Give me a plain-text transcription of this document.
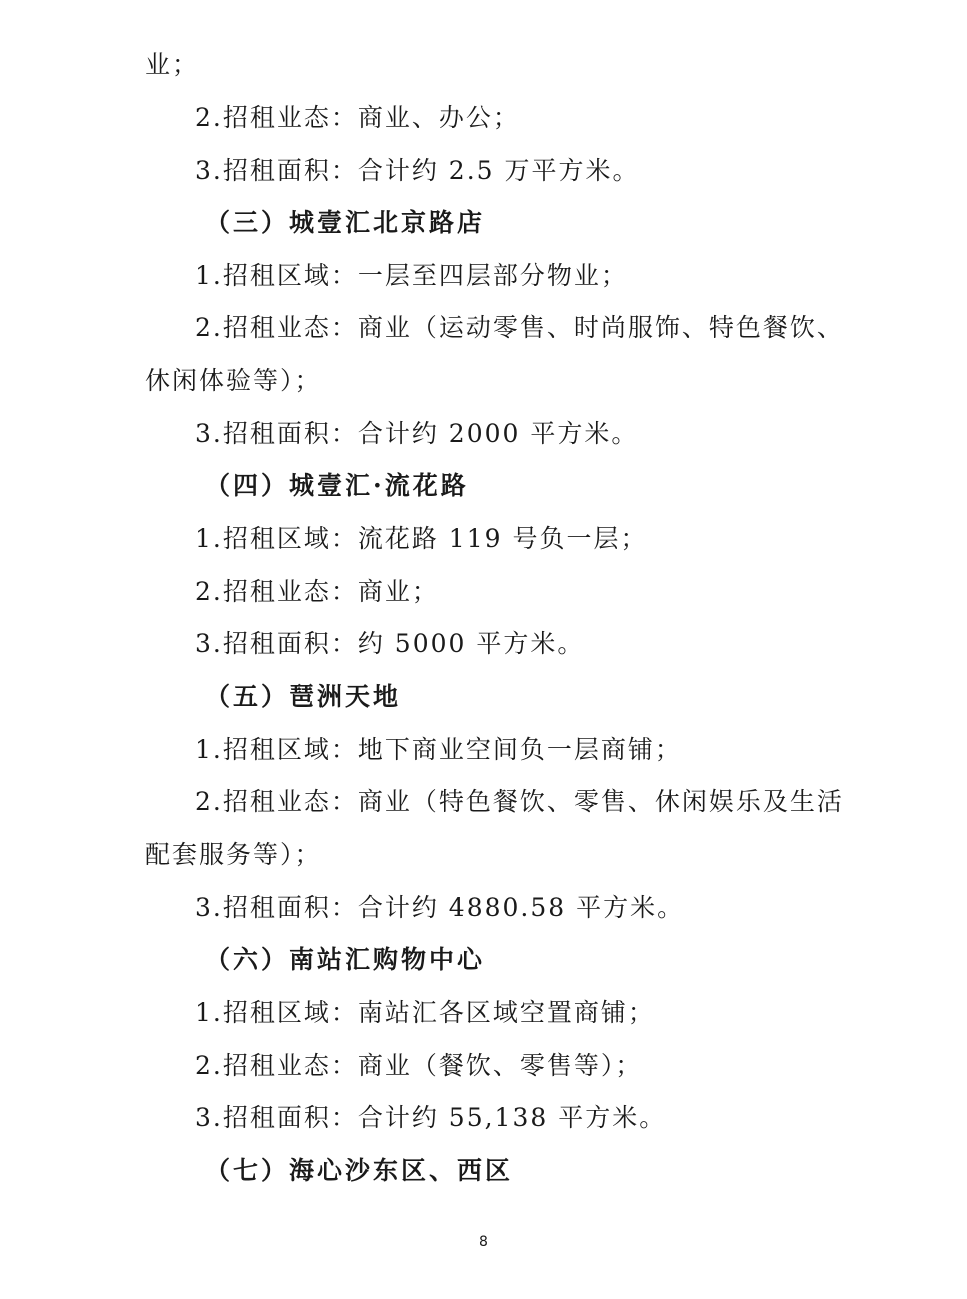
业；
2.招租业态：商业、办公；
3.招租面积：合计约 2.5 万平方米。
（三）城壹汇北京路店
1.招租区域：一层至四层部分物业；
2.招租业态：商业（运动零售、时尚服饰、特色餐饮、
休闲体验等）；
3.招租面积：合计约 2000 平方米。
（四）城壹汇·流花路
1.招租区域：流花路 119 号负一层；
2.招租业态：商业；
3.招租面积：约 5000 平方米。
（五）琶洲天地
1.招租区域：地下商业空间负一层商铺；
2.招租业态：商业（特色餐饮、零售、休闲娱乐及生活
配套服务等）；
3.招租面积：合计约 4880.58 平方米。
（六）南站汇购物中心
1.招租区域：南站汇各区域空置商铺；
2.招租业态：商业（餐饮、零售等）；
3.招租面积：合计约 55,138 平方米。
（七）海心沙东区、西区
8
